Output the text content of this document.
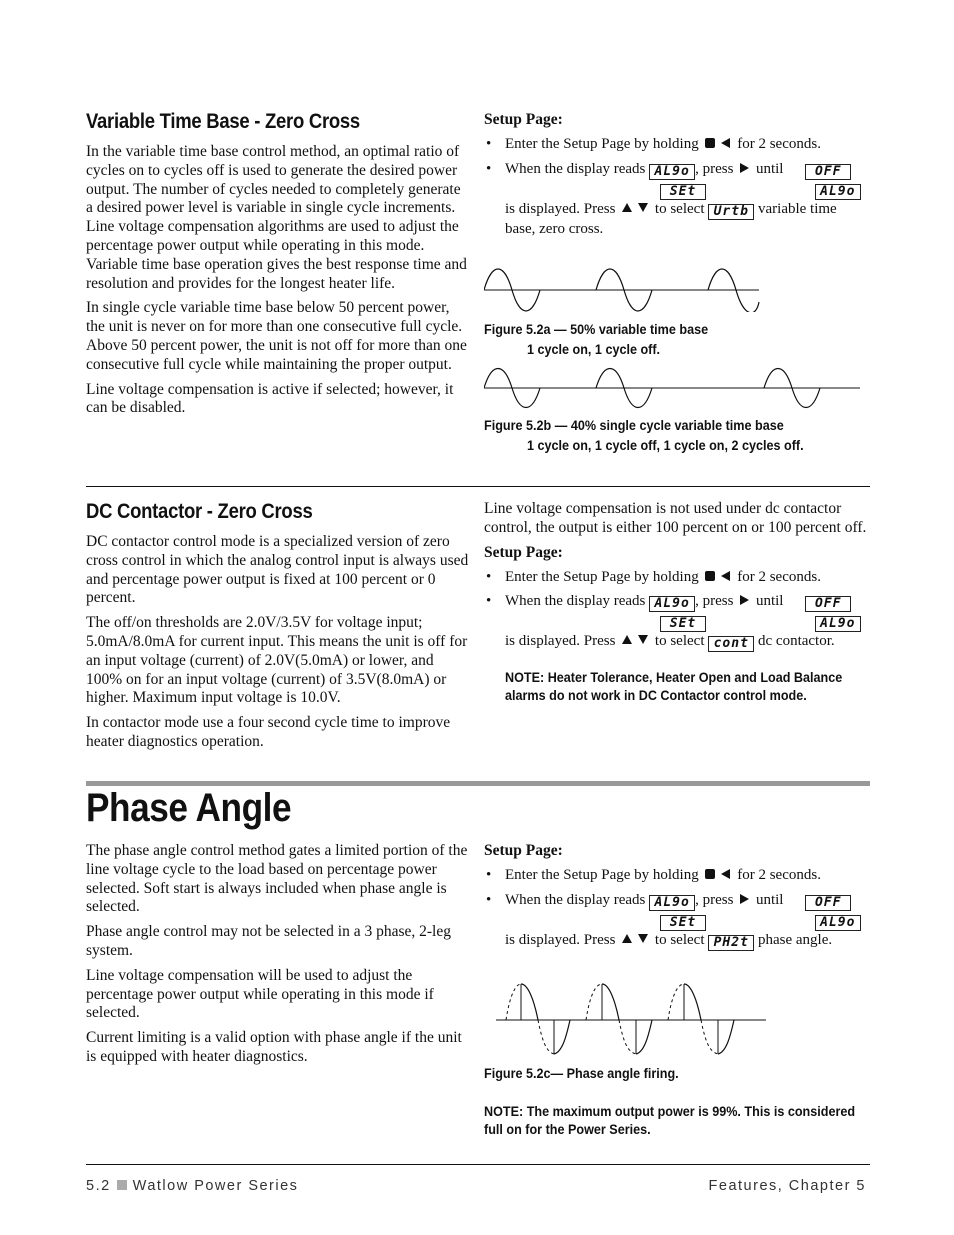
Variable Time Base - Zero Cross

In the variable time base control method, an optimal ratio of cycles on to cycles off is used to generate the desired power output. The number of cycles needed to completely generate a desired power level is variable in single cycle increments. Line voltage compensation algorithms are used to adjust the percentage power output while operating in this mode. Variable time base operation gives the best response time and resolution and provides for the longest heater life.

In single cycle variable time base below 50 percent power, the unit is never on for more than one consecutive full cycle. Above 50 percent power, the unit is not off for more than one consecutive full cycle while maintaining the proper output.

Line voltage compensation is active if selected; however, it can be disabled.

Setup Page:
• Enter the Setup Page by holding	for 2 seconds.
• When the display reads AL9o , press until OFF
SEt	AL9o
is displayed. Press	to select Urtb variable time base, zero cross.
Figure 5.2a — 50% variable time base
1 cycle on, 1 cycle off.
Figure 5.2b — 40% single cycle variable time base
1 cycle on, 1 cycle off, 1 cycle on, 2 cycles off.
DC Contactor - Zero Cross

DC contactor control mode is a specialized version of zero cross control in which the analog control input is always used and percentage power output is fixed at 100 percent or 0 percent.

The off/on thresholds are 2.0V/3.5V for voltage input; 5.0mA/8.0mA for current input. This means the unit is off for an input voltage (current) of 2.0V(5.0mA) or lower, and 100% on for an input voltage (current) of 3.5V(8.0mA) or higher. Maximum input voltage is 10.0V.

In contactor mode use a four second cycle time to improve heater diagnostics operation.

Line voltage compensation is not used under dc contactor control, the output is either 100 percent on or 100 percent off.

Setup Page:
• Enter the Setup Page by holding	for 2 seconds.
• When the display reads AL9o , press until OFF
SEt	AL9o
is displayed. Press	to select cont dc contactor.
NOTE: Heater Tolerance, Heater Open and Load Balance alarms do not work in DC Contactor control mode.
Phase Angle

The phase angle control method gates a limited portion of the line voltage cycle to the load based on percentage power selected. Soft start is always included when phase angle is selected.

Phase angle control may not be selected in a 3 phase, 2-leg system.

Line voltage compensation will be used to adjust the percentage power output while operating in this mode if selected.

Current limiting is a valid option with phase angle if the unit is equipped with heater diagnostics.

Setup Page:
• Enter the Setup Page by holding	for 2 seconds.
• When the display reads AL9o , press until OFF
SEt	AL9o
is displayed. Press	to select PH2t phase angle.
Figure 5.2c— Phase angle firing.
NOTE: The maximum output power is 99%. This is considered full on for the Power Series.
5.2 Watlow Power Series	Features, Chapter 5
